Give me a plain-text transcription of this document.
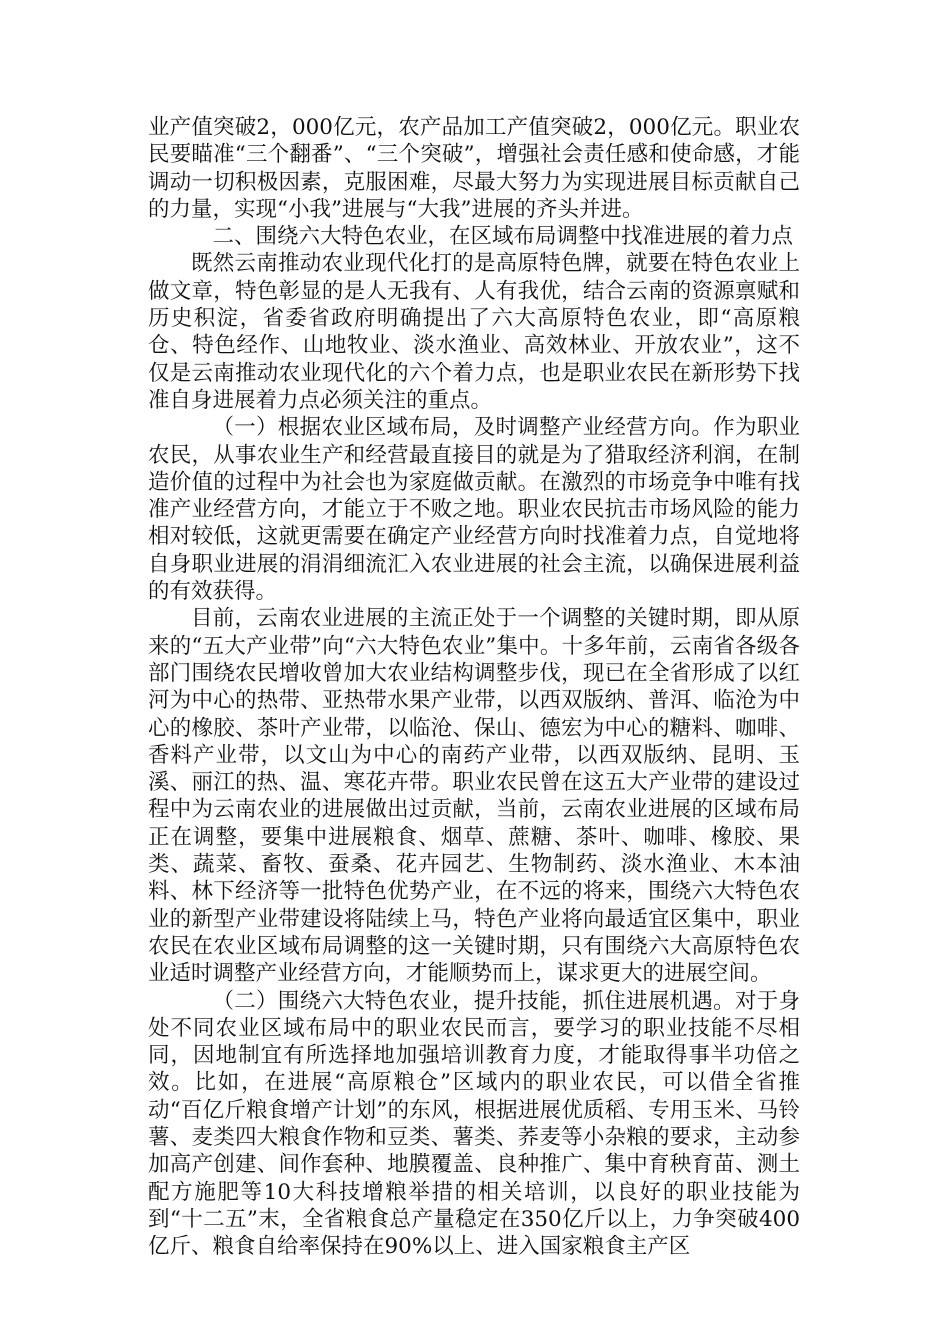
业产值突破2，000亿元，农产品加工产值突破2，000亿元。职业农民要瞄准“三个翻番”、“三个突破”，增强社会责任感和使命感，才能调动一切积极因素，克服困难，尽最大努力为实现进展目标贡献自己的力量，实现“小我”进展与“大我”进展的齐头并进。

二、围绕六大特色农业，在区域布局调整中找准进展的着力点

既然云南推动农业现代化打的是高原特色牌，就要在特色农业上做文章，特色彰显的是人无我有、人有我优，结合云南的资源禀赋和历史积淀，省委省政府明确提出了六大高原特色农业，即“高原粮仓、特色经作、山地牧业、淡水渔业、高效林业、开放农业”，这不仅是云南推动农业现代化的六个着力点，也是职业农民在新形势下找准自身进展着力点必须关注的重点。

（一）根据农业区域布局，及时调整产业经营方向。作为职业农民，从事农业生产和经营最直接目的就是为了猎取经济利润，在制造价值的过程中为社会也为家庭做贡献。在激烈的市场竞争中唯有找准产业经营方向，才能立于不败之地。职业农民抗击市场风险的能力相对较低，这就更需要在确定产业经营方向时找准着力点，自觉地将自身职业进展的涓涓细流汇入农业进展的社会主流，以确保进展利益的有效获得。

目前，云南农业进展的主流正处于一个调整的关键时期，即从原来的“五大产业带”向“六大特色农业”集中。十多年前，云南省各级各部门围绕农民增收曾加大农业结构调整步伐，现已在全省形成了以红河为中心的热带、亚热带水果产业带，以西双版纳、普洱、临沧为中心的橡胶、茶叶产业带，以临沧、保山、德宏为中心的糖料、咖啡、香料产业带，以文山为中心的南药产业带，以西双版纳、昆明、玉溪、丽江的热、温、寒花卉带。职业农民曾在这五大产业带的建设过程中为云南农业的进展做出过贡献，当前，云南农业进展的区域布局正在调整，要集中进展粮食、烟草、蔗糖、茶叶、咖啡、橡胶、果类、蔬菜、畜牧、蚕桑、花卉园艺、生物制药、淡水渔业、木本油料、林下经济等一批特色优势产业，在不远的将来，围绕六大特色农业的新型产业带建设将陆续上马，特色产业将向最适宜区集中，职业农民在农业区域布局调整的这一关键时期，只有围绕六大高原特色农业适时调整产业经营方向，才能顺势而上，谋求更大的进展空间。

（二）围绕六大特色农业，提升技能，抓住进展机遇。对于身处不同农业区域布局中的职业农民而言，要学习的职业技能不尽相同，因地制宜有所选择地加强培训教育力度，才能取得事半功倍之效。比如，在进展“高原粮仓”区域内的职业农民，可以借全省推动“百亿斤粮食增产计划”的东风，根据进展优质稻、专用玉米、马铃薯、麦类四大粮食作物和豆类、薯类、荞麦等小杂粮的要求，主动参加高产创建、间作套种、地膜覆盖、良种推广、集中育秧育苗、测土配方施肥等10大科技增粮举措的相关培训，以良好的职业技能为到“十二五”末，全省粮食总产量稳定在350亿斤以上，力争突破400亿斤、粮食自给率保持在90%以上、进入国家粮食主产区
